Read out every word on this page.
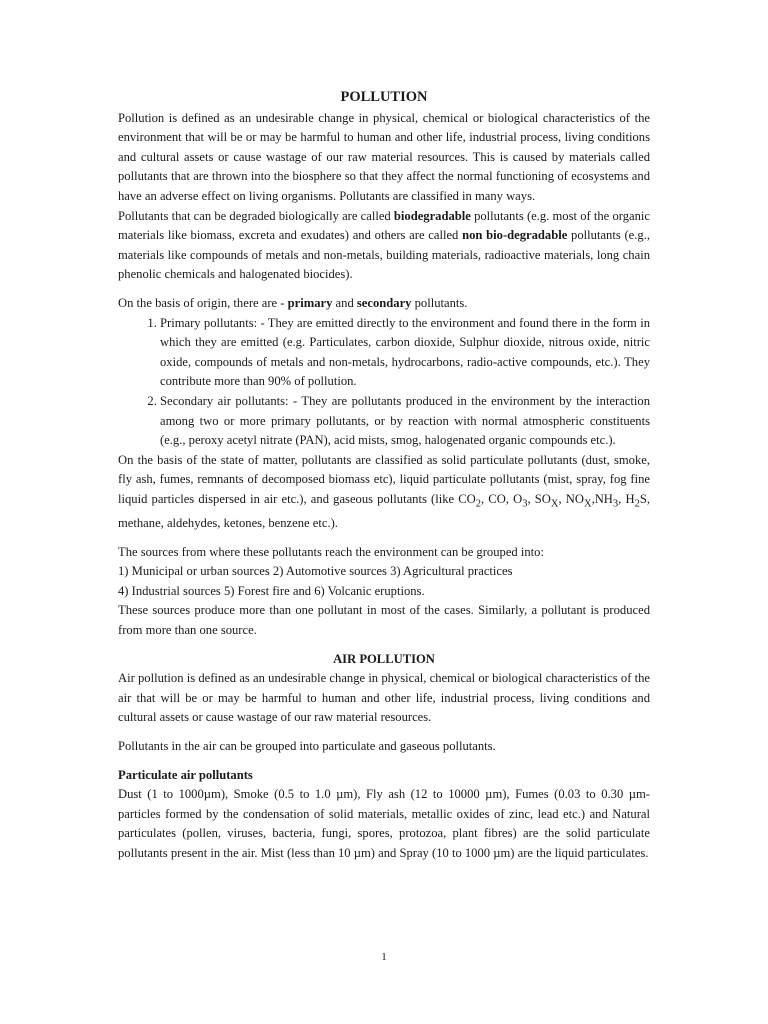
POLLUTION

Pollution is defined as an undesirable change in physical, chemical or biological characteristics of the environment that will be or may be harmful to human and other life, industrial process, living conditions and cultural assets or cause wastage of our raw material resources. This is caused by materials called pollutants that are thrown into the biosphere so that they affect the normal functioning of ecosystems and have an adverse effect on living organisms. Pollutants are classified in many ways.

Pollutants that can be degraded biologically are called biodegradable pollutants (e.g. most of the organic materials like biomass, excreta and exudates) and others are called non bio-degradable pollutants (e.g., materials like compounds of metals and non-metals, building materials, radioactive materials, long chain phenolic chemicals and halogenated biocides).

On the basis of origin, there are - primary and secondary pollutants.

1. Primary pollutants: - They are emitted directly to the environment and found there in the form in which they are emitted (e.g. Particulates, carbon dioxide, Sulphur dioxide, nitrous oxide, nitric oxide, compounds of metals and non-metals, hydrocarbons, radio-active compounds, etc.). They contribute more than 90% of pollution.
2. Secondary air pollutants: - They are pollutants produced in the environment by the interaction among two or more primary pollutants, or by reaction with normal atmospheric constituents (e.g., peroxy acetyl nitrate (PAN), acid mists, smog, halogenated organic compounds etc.).

On the basis of the state of matter, pollutants are classified as solid particulate pollutants (dust, smoke, fly ash, fumes, remnants of decomposed biomass etc), liquid particulate pollutants (mist, spray, fog fine liquid particles dispersed in air etc.), and gaseous pollutants (like $CO_2$, CO, $O_3$, $SO_X$, $NO_X,NH_3$, $H_2S$, methane, aldehydes, ketones, benzene etc.).

The sources from where these pollutants reach the environment can be grouped into:

1) Municipal or urban sources 2) Automotive sources 3) Agricultural practices

4) Industrial sources 5) Forest fire and 6) Volcanic eruptions.

These sources produce more than one pollutant in most of the cases. Similarly, a pollutant is produced from more than one source.

AIR POLLUTION

Air pollution is defined as an undesirable change in physical, chemical or biological characteristics of the air that will be or may be harmful to human and other life, industrial process, living conditions and cultural assets or cause wastage of our raw material resources.

Pollutants in the air can be grouped into particulate and gaseous pollutants.

Particulate air pollutants

Dust (1 to 1000µm), Smoke (0.5 to 1.0 µm), Fly ash (12 to 10000 µm), Fumes (0.03 to 0.30 µm- particles formed by the condensation of solid materials, metallic oxides of zinc, lead etc.) and Natural particulates (pollen, viruses, bacteria, fungi, spores, protozoa, plant fibres) are the solid particulate pollutants present in the air. Mist (less than 10 µm) and Spray (10 to 1000 µm) are the liquid particulates.

1
